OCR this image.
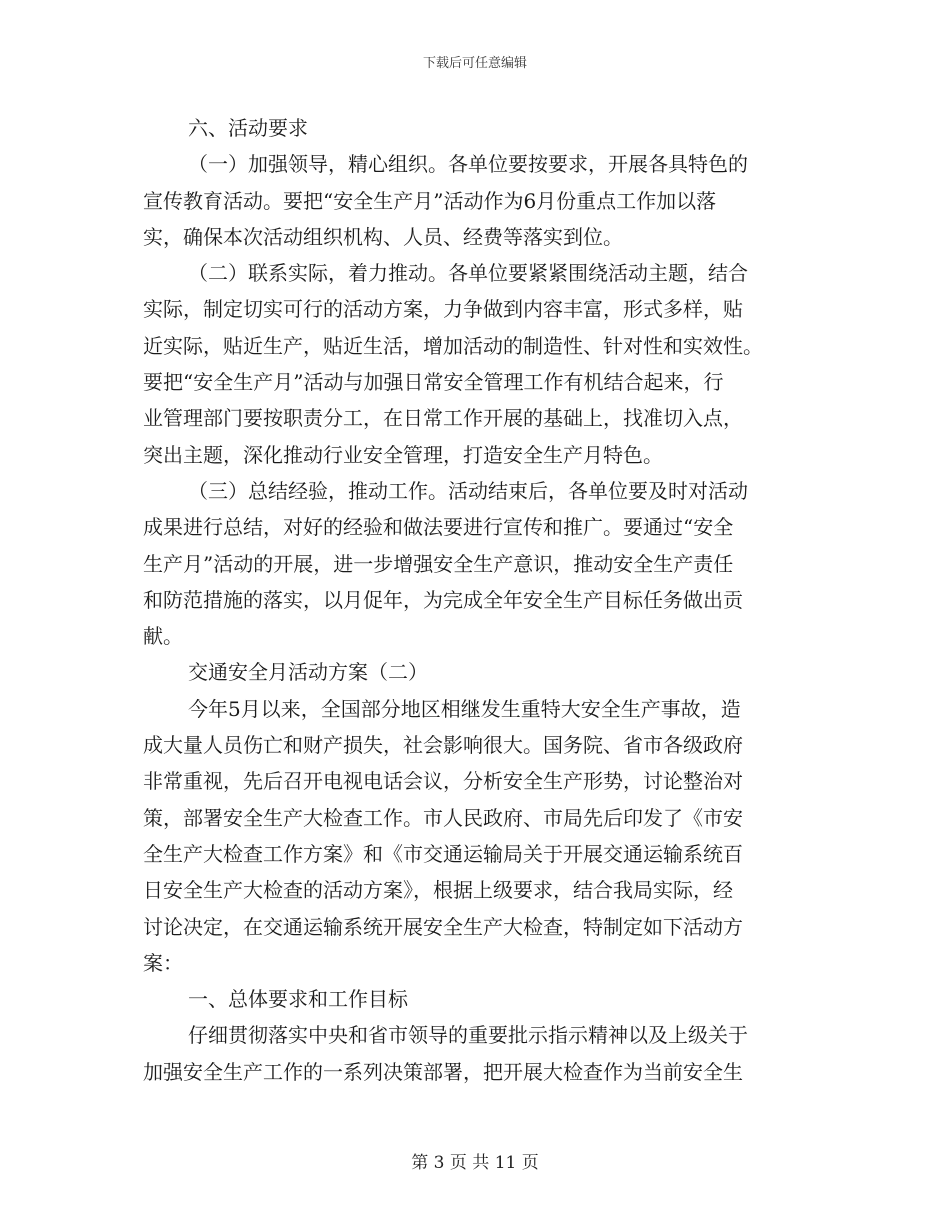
下载后可任意编辑
六、活动要求
（一）加强领导，精心组织。各单位要按要求，开展各具特色的
宣传教育活动。要把“安全生产月”活动作为6月份重点工作加以落
实，确保本次活动组织机构、人员、经费等落实到位。
（二）联系实际，着力推动。各单位要紧紧围绕活动主题，结合
实际，制定切实可行的活动方案，力争做到内容丰富，形式多样，贴
近实际，贴近生产，贴近生活，增加活动的制造性、针对性和实效性。
要把“安全生产月”活动与加强日常安全管理工作有机结合起来，行
业管理部门要按职责分工，在日常工作开展的基础上，找准切入点，
突出主题，深化推动行业安全管理，打造安全生产月特色。
（三）总结经验，推动工作。活动结束后，各单位要及时对活动
成果进行总结，对好的经验和做法要进行宣传和推广。要通过“安全
生产月”活动的开展，进一步增强安全生产意识，推动安全生产责任
和防范措施的落实，以月促年，为完成全年安全生产目标任务做出贡
献。
交通安全月活动方案（二）
今年5月以来，全国部分地区相继发生重特大安全生产事故，造
成大量人员伤亡和财产损失，社会影响很大。国务院、省市各级政府
非常重视，先后召开电视电话会议，分析安全生产形势，讨论整治对
策，部署安全生产大检查工作。市人民政府、市局先后印发了《市安
全生产大检查工作方案》和《市交通运输局关于开展交通运输系统百
日安全生产大检查的活动方案》，根据上级要求，结合我局实际，经
讨论决定，在交通运输系统开展安全生产大检查，特制定如下活动方
案：
一、总体要求和工作目标
仔细贯彻落实中央和省市领导的重要批示指示精神以及上级关于
加强安全生产工作的一系列决策部署，把开展大检查作为当前安全生
第 3 页 共 11 页
